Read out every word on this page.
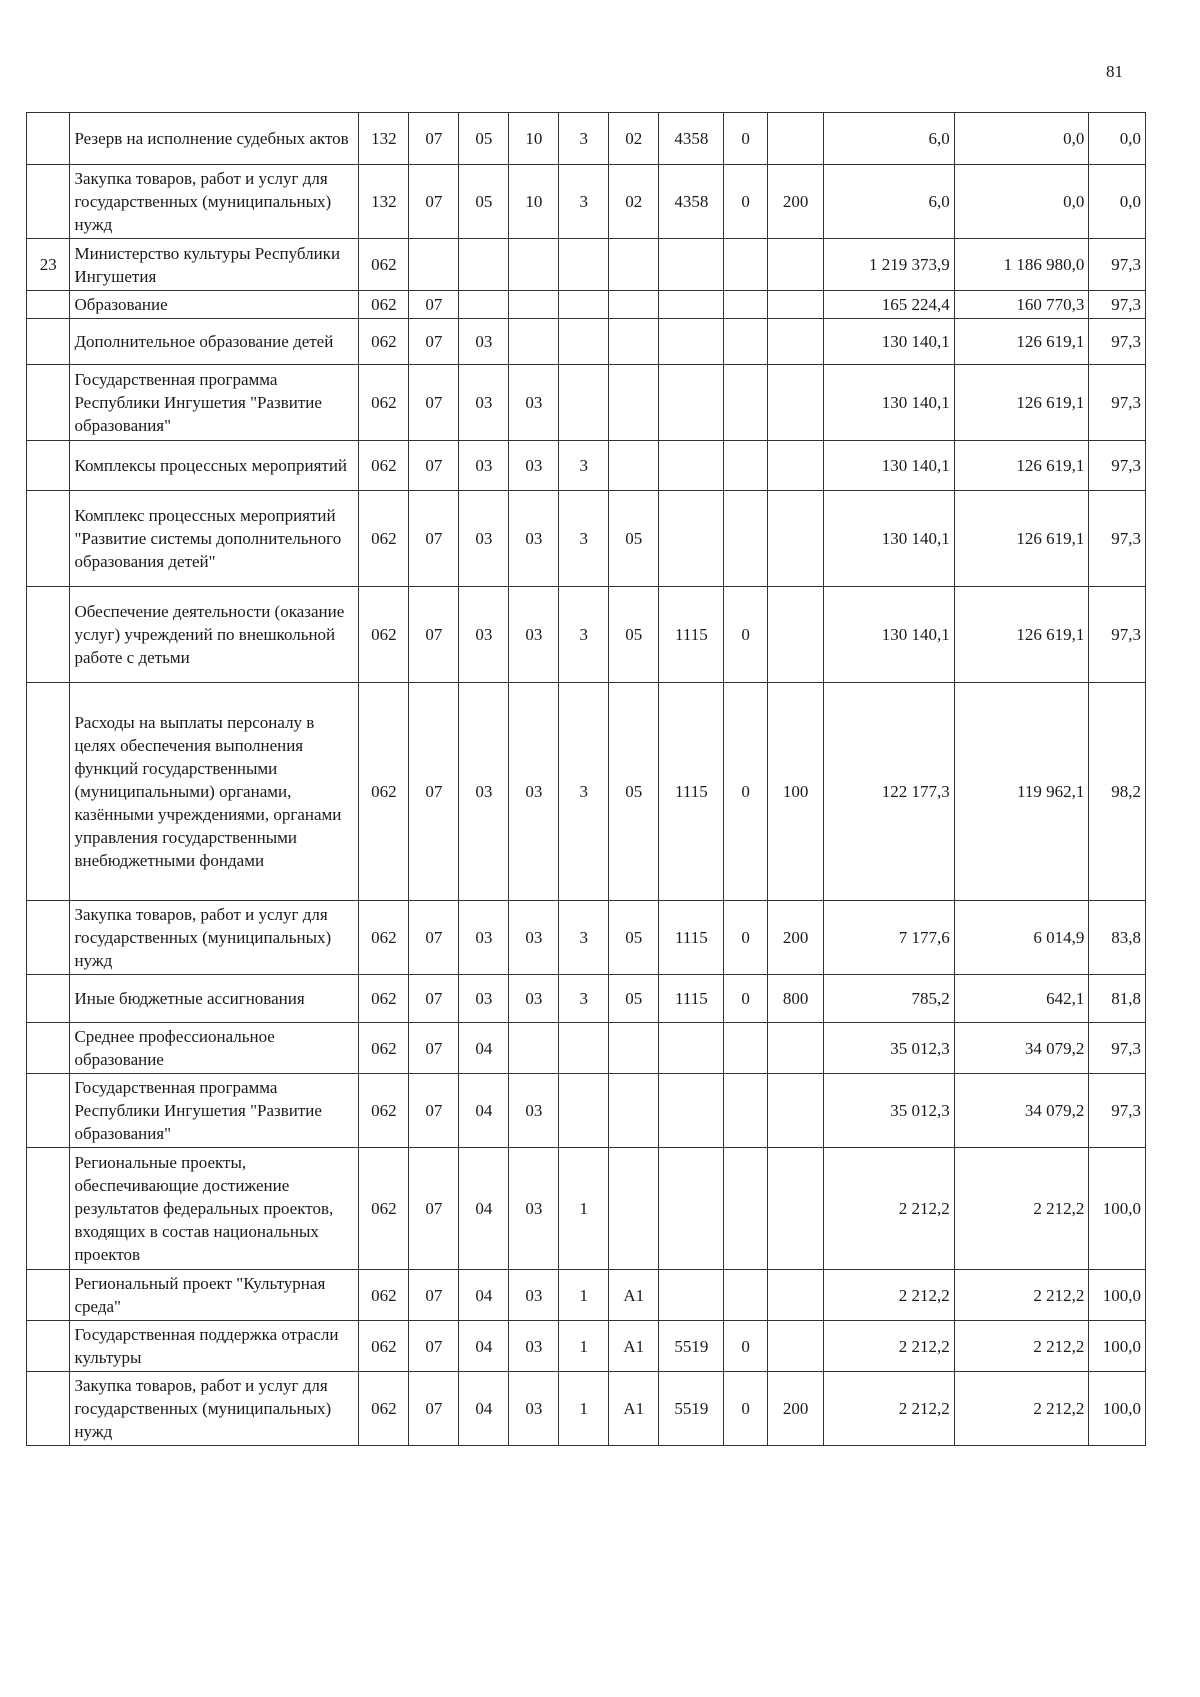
81
	Резерв на исполнение судебных актов	132	07	05	10	3	02	4358	0		6,0	0,0	0,0
	Закупка товаров, работ и услуг для государственных (муниципальных) нужд	132	07	05	10	3	02	4358	0	200	6,0	0,0	0,0
23	Министерство культуры Республики Ингушетия	062									1 219 373,9	1 186 980,0	97,3
	Образование	062	07								165 224,4	160 770,3	97,3
	Дополнительное образование детей	062	07	03							130 140,1	126 619,1	97,3
	Государственная программа Республики Ингушетия "Развитие образования"	062	07	03	03						130 140,1	126 619,1	97,3
	Комплексы процессных мероприятий	062	07	03	03	3					130 140,1	126 619,1	97,3
	Комплекс процессных мероприятий "Развитие системы дополнительного образования детей"	062	07	03	03	3	05				130 140,1	126 619,1	97,3
	Обеспечение деятельности (оказание услуг) учреждений по внешкольной работе с детьми	062	07	03	03	3	05	1115	0		130 140,1	126 619,1	97,3
	Расходы на выплаты персоналу в целях обеспечения выполнения функций государственными (муниципальными) органами, казёнными учреждениями, органами управления государственными внебюджетными фондами	062	07	03	03	3	05	1115	0	100	122 177,3	119 962,1	98,2
	Закупка товаров, работ и услуг для государственных (муниципальных) нужд	062	07	03	03	3	05	1115	0	200	7 177,6	6 014,9	83,8
	Иные бюджетные ассигнования	062	07	03	03	3	05	1115	0	800	785,2	642,1	81,8
	Среднее профессиональное образование	062	07	04							35 012,3	34 079,2	97,3
	Государственная программа Республики Ингушетия "Развитие образования"	062	07	04	03						35 012,3	34 079,2	97,3
	Региональные проекты, обеспечивающие достижение результатов федеральных проектов, входящих в состав национальных проектов	062	07	04	03	1					2 212,2	2 212,2	100,0
	Региональный проект "Культурная среда"	062	07	04	03	1	A1				2 212,2	2 212,2	100,0
	Государственная поддержка отрасли культуры	062	07	04	03	1	A1	5519	0		2 212,2	2 212,2	100,0
	Закупка товаров, работ и услуг для государственных (муниципальных) нужд	062	07	04	03	1	A1	5519	0	200	2 212,2	2 212,2	100,0
